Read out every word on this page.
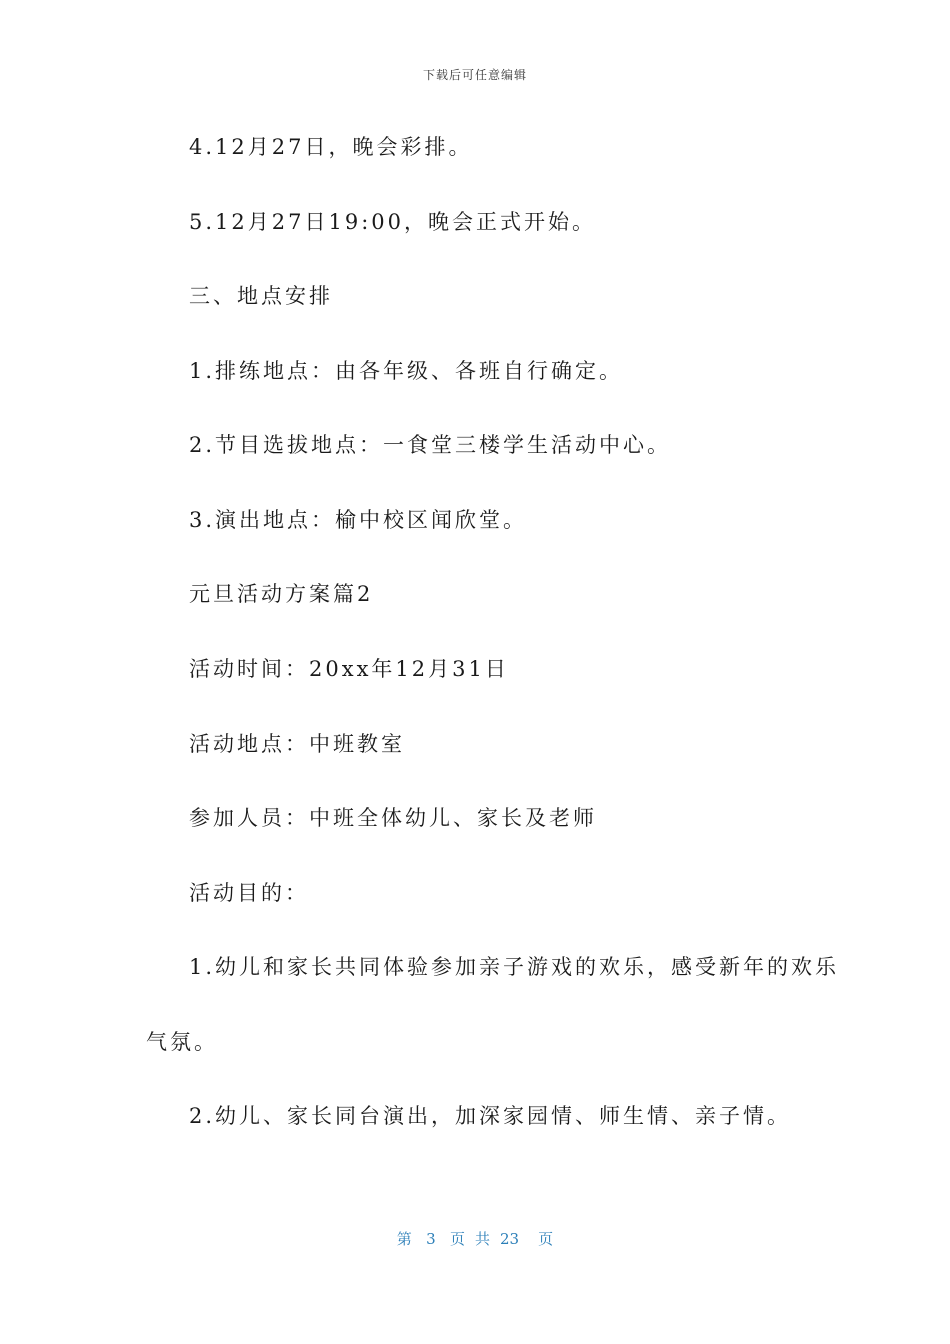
下载后可任意编辑
4.12月27日，晚会彩排。
5.12月27日19:00，晚会正式开始。
三、地点安排
1.排练地点：由各年级、各班自行确定。
2.节目选拔地点：一食堂三楼学生活动中心。
3.演出地点：榆中校区闻欣堂。
元旦活动方案篇2
活动时间：20xx年12月31日
活动地点：中班教室
参加人员：中班全体幼儿、家长及老师
活动目的：
1.幼儿和家长共同体验参加亲子游戏的欢乐，感受新年的欢乐
气氛。
2.幼儿、家长同台演出，加深家园情、师生情、亲子情。
第 3 页共23 页
